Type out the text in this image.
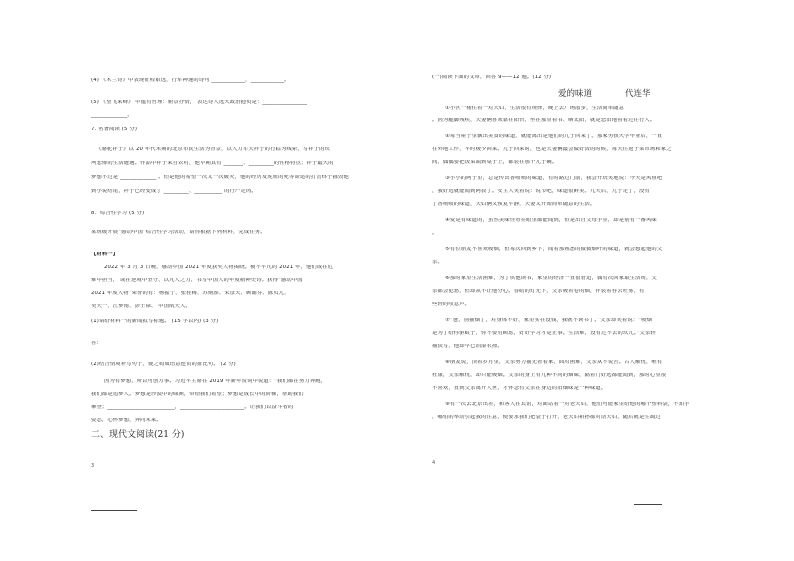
(4) 《木兰诗》中表现征程艰远，行军神速的诗句 ____________，____________。
(5) 《望飞来峰》 中蕴有哲理：俯景抒情， 表达诗人远大政治抱负是：________________
_____________。
7. 名著阅读 (5 分)
《骆驼祥子》以 20 年代末期的北京市民生活为背景，以人力车夫祥子的行踪为线索，写祥子的坎
坷悲惨的生活遭遇。作品中祥子来自农村，他早期具有 _______、_________的性格特点；祥子最大的
梦想不过是 _____________ 。但是他的希望一次又一次破灭，他的经历及虎妞的死等命运的打击终于摧毁他
到小说结尾，祥子已经变成了 _________、__________ 的行尸走肉。
8．综合性学习 (5 分)
某班级开展“感动中国”综合性学习活动，请你根据下列材料，完成任务。
【材料一】
2022 年 3 月 3 日晚，感动中国 2021 年度获奖人物揭晓。极不平凡的 2021 年，他们或在危
难中担当， 或在逆境中坚守，以凡人之力，书写中国人的年度精神史诗。获得“感动中国
2021 年度人物”荣誉的有：杨振宁、张桂梅、苏炳添、朱彦夫、顾诵芬、陈贝儿、
吴天一、江梦南、彭士禄、 中国航天人。
(1)请给材料一的新闻拟写标题。 (15 字以内) (3 分)
答：
(2)结合情境补写句子，使之构成语意连贯的排比句。 (2 分)
因为有梦想，所以可创万事。习近平主席在 2019 年新年贺词中说道：“我们都在努力奔跑，
我们都是追梦人。”梦想是沙漠中的绿洲，带给我们希望；梦想是成长中的阶梯，帮助我们
攀登；________________________，_______________________。让我们以奋斗者的
姿态，心怀梦想，奔向未来。
二、现代文阅读(21 分)
3
(一)阅读下面的文章，回答 9——12 题。(12 分)
爱的味道	代连华
①小区一楼住着一对夫妇，生活很有规律，晚上去广场散步，生活简单随意
。因为腿脚残疾，夫妻俩喜欢靠在阳台，坐在那里看书、晒太阳，就是恋旧地看着过往行人。
②每当屋子里飘出美食的味道，就能离出是他们的儿子回来了。那家男孩大学毕业后，一直
在外地工作，平时极少回来。儿子回来时，也是夫妻俩最会做好饭的时候，每天往返于菜市场和家之
间，偶偶要把饭菜端到桌子上，都装在那个儿子碗。
③小小的阿子里，总是传出香喷喷的味道，有时路过门前，我会开玩笑地说：今天是风鱼吧
，我好远就能闻到阿叔了。女主人笑着说：说节吧，味道很鲜美。几天后，儿子走了，没有
了香喷喷的味道，夫妇俩又恢复平静，夫妻又开始简单随意的生活。
④爱是有味道的，虽然美味佳肴在眼里都能闻到，但是出自父母手里，却是别有一番风味
。
⑤有位朋友不喜欢吸烟，但每次回到乡下，闻着那熟悉的微微烟叶的味道，就会想起他的父
亲。
⑥那时家里生活困难，为了供他读书，家里的经济一直很窘迫，偶有次回家取生活费，父
亲都会犯愁，但却从不让他分心。昏暗的灯光下，父亲吸着卷的烟，佯装着吞云吐雾，有
些轻的叹息声。
⑦“爸，别抽烟了，对身体不好，家里实在没钱，我就不读书了。”父亲却笑着说：“吸烟
是为了给你驱蚊子，你不要有顾虑，好好学习才是正事。”生活难，没有过不去的坎儿。”父亲轻
描淡写，他却早已泪湿衣襟。
⑧朋友说，顶着岁月里，父亲努力抽先者着家，面对困难，父亲从不说苦。古人解忧，唯有
杜康，父亲解忧，却只能吸烟。父亲的身上有几种不同的烟味，隔着门好远都能闻到，那时心里很
不喜欢，直到父亲离开人世，才怀念有父亲在身边的旧烟味是一种味道。
⑨有一次去北京出差，和客人在宾馆，对面站着一对老夫妇，他们可能家里给他的哪个塑料袋，不知手
，哪怕的举动引起我的注意，便要求我们把袋子打开，老夫妇祖孙都对话夫妇，随后就是生疏过
4
